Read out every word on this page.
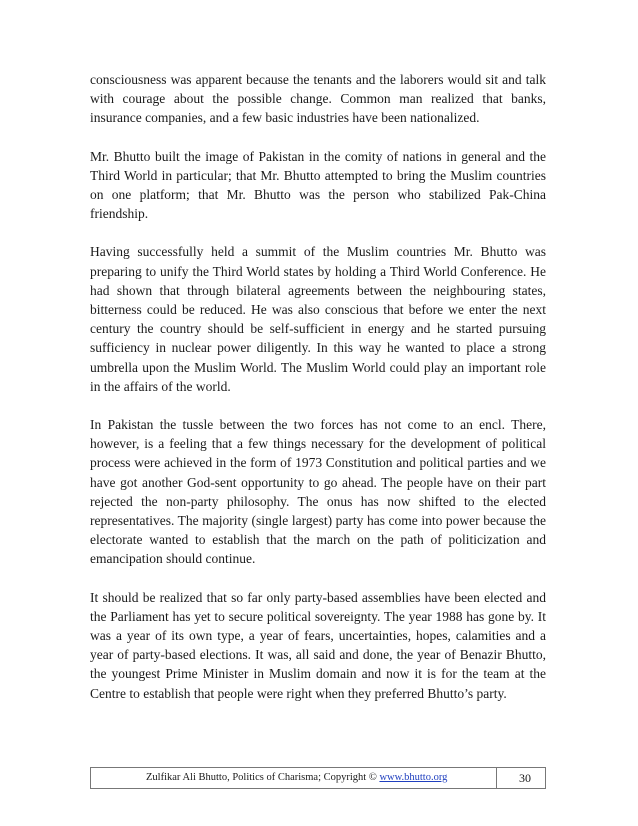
consciousness was apparent because the tenants and the laborers would sit and talk with courage about the possible change. Common man realized that banks, insurance companies, and a few basic industries have been nationalized.

Mr. Bhutto built the image of Pakistan in the comity of nations in general and the Third World in particular; that Mr. Bhutto attempted to bring the Muslim countries on one platform; that Mr. Bhutto was the person who stabilized Pak-China friendship.

Having successfully held a summit of the Muslim countries Mr. Bhutto was preparing to unify the Third World states by holding a Third World Conference. He had shown that through bilateral agreements between the neighbouring states, bitterness could be reduced. He was also conscious that before we enter the next century the country should be self-sufficient in energy and he started pursuing sufficiency in nuclear power diligently. In this way he wanted to place a strong umbrella upon the Muslim World. The Muslim World could play an important role in the affairs of the world.

In Pakistan the tussle between the two forces has not come to an encl. There, however, is a feeling that a few things necessary for the development of political process were achieved in the form of 1973 Constitution and political parties and we have got another God-sent opportunity to go ahead. The people have on their part rejected the non-party philosophy. The onus has now shifted to the elected representatives. The majority (single largest) party has come into power because the electorate wanted to establish that the march on the path of politicization and emancipation should continue.

It should be realized that so far only party-based assemblies have been elected and the Parliament has yet to secure political sovereignty. The year 1988 has gone by. It was a year of its own type, a year of fears, uncertainties, hopes, calamities and a year of party-based elections. It was, all said and done, the year of Benazir Bhutto, the youngest Prime Minister in Muslim domain and now it is for the team at the Centre to establish that people were right when they preferred Bhutto’s party.

Zulfikar Ali Bhutto, Politics of Charisma; Copyright © www.bhutto.org	30
